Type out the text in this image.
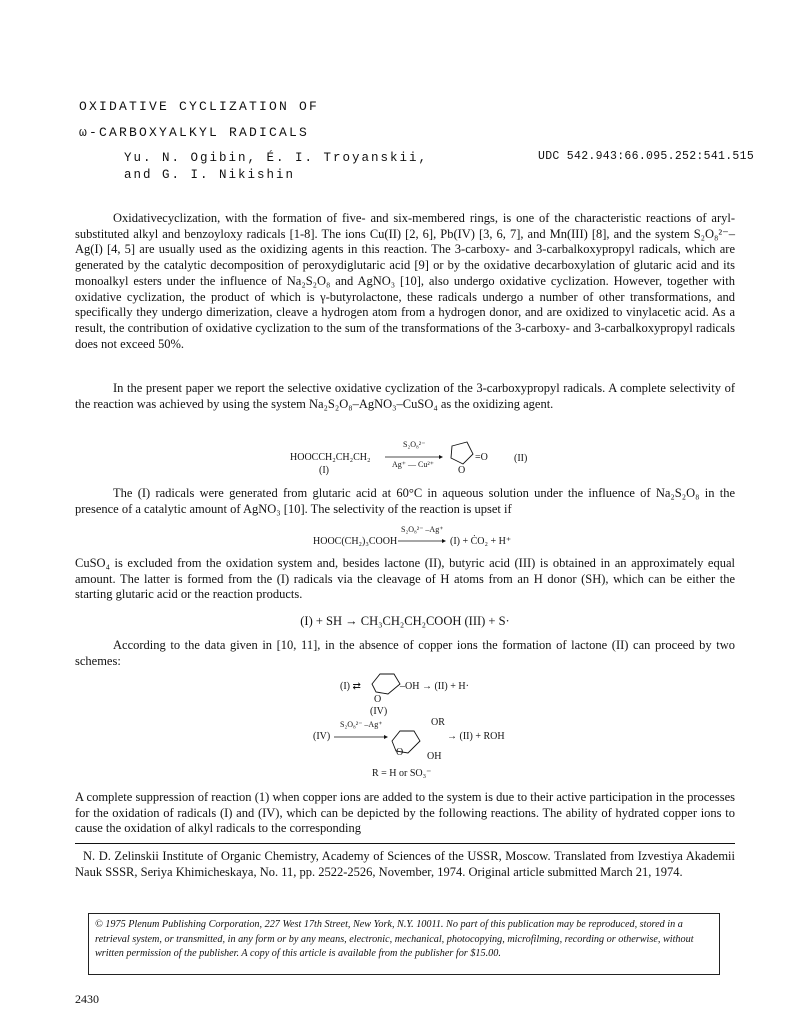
OXIDATIVE CYCLIZATION OF
ω-CARBOXYALKYL RADICALS
Yu. N. Ogibin, É. I. Troyanskii,
and G. I. Nikishin
UDC 542.943:66.095.252:541.515
Oxidativecyclization, with the formation of five- and six-membered rings, is one of the characteristic reactions of aryl-substituted alkyl and benzoyloxy radicals [1-8]. The ions Cu(II) [2, 6], Pb(IV) [3, 6, 7], and Mn(III) [8], and the system S₂O₈²⁻–Ag(I) [4, 5] are usually used as the oxidizing agents in this reaction. The 3-carboxy- and 3-carbalkoxypropyl radicals, which are generated by the catalytic decomposition of peroxydiglutaric acid [9] or by the oxidative decarboxylation of glutaric acid and its monoalkyl esters under the influence of Na₂S₂O₈ and AgNO₃ [10], also undergo oxidative cyclization. However, together with oxidative cyclization, the product of which is γ-butyrolactone, these radicals undergo a number of other transformations, and specifically they undergo dimerization, cleave a hydrogen atom from a hydrogen donor, and are oxidized to vinylacetic acid. As a result, the contribution of oxidative cyclization to the sum of the transformations of the 3-carboxy- and 3-carbalkoxypropyl radicals does not exceed 50%.
In the present paper we report the selective oxidative cyclization of the 3-carboxypropyl radicals. A complete selectivity of the reaction was achieved by using the system Na₂S₂O₈–AgNO₃–CuSO₄ as the oxidizing agent.
HOOCCH₂CH₂CH₂
(I)
S₂O₈²⁻
Ag⁺ — Cu²⁺
=O
O
(II)
The (I) radicals were generated from glutaric acid at 60°C in aqueous solution under the influence of Na₂S₂O₈ in the presence of a catalytic amount of AgNO₃ [10]. The selectivity of the reaction is upset if
HOOC(CH₂)₃COOH
S₂O₈²⁻ –Ag⁺
(I) + ĊO₂ + H⁺
CuSO₄ is excluded from the oxidation system and, besides lactone (II), butyric acid (III) is obtained in an approximately equal amount. The latter is formed from the (I) radicals via the cleavage of H atoms from an H donor (SH), which can be either the starting glutaric acid or the reaction products.
(I) + SH → CH₃CH₂CH₂COOH (III) + S·
According to the data given in [10, 11], in the absence of copper ions the formation of lactone (II) can proceed by two schemes:
(I) ⇄	–OH → (II) + H·
O
(IV)
S₂O₈²⁻ –Ag⁺
(IV)
OR
→ (II) + ROH
O OH
R = H or SO₃⁻
A complete suppression of reaction (1) when copper ions are added to the system is due to their active participation in the processes for the oxidation of radicals (I) and (IV), which can be depicted by the following reactions. The ability of hydrated copper ions to cause the oxidation of alkyl radicals to the corresponding
N. D. Zelinskii Institute of Organic Chemistry, Academy of Sciences of the USSR, Moscow. Translated from Izvestiya Akademii Nauk SSSR, Seriya Khimicheskaya, No. 11, pp. 2522-2526, November, 1974. Original article submitted March 21, 1974.
© 1975 Plenum Publishing Corporation, 227 West 17th Street, New York, N.Y. 10011. No part of this publication may be reproduced, stored in a retrieval system, or transmitted, in any form or by any means, electronic, mechanical, photocopying, microfilming, recording or otherwise, without written permission of the publisher. A copy of this article is available from the publisher for $15.00.
2430
